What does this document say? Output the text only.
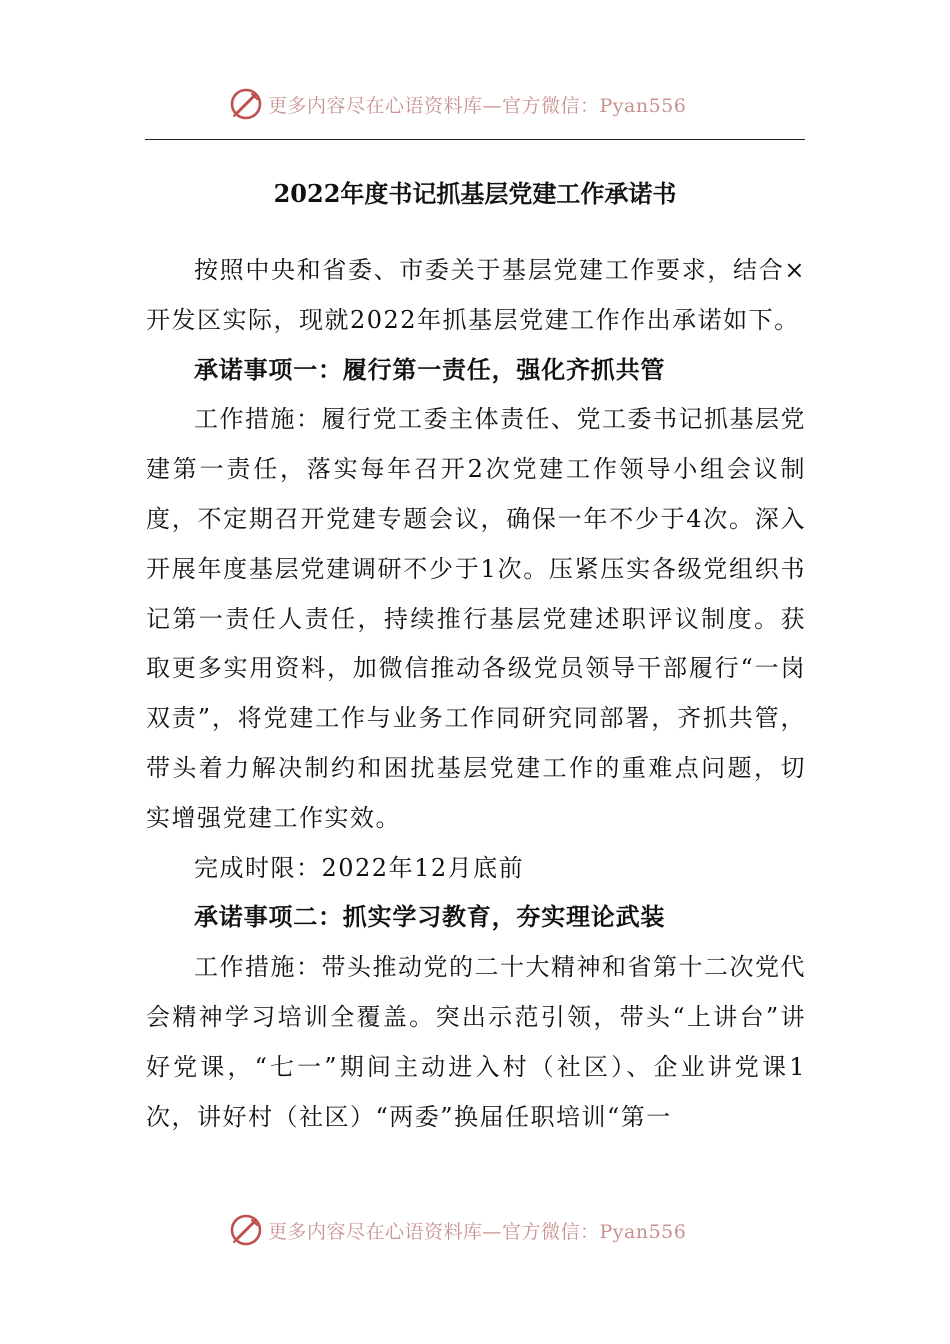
更多内容尽在心语资料库—官方微信：Pyan556
2022年度书记抓基层党建工作承诺书

按照中央和省委、市委关于基层党建工作要求，结合×开发区实际，现就2022年抓基层党建工作作出承诺如下。

承诺事项一：履行第一责任，强化齐抓共管

工作措施：履行党工委主体责任、党工委书记抓基层党建第一责任，落实每年召开2次党建工作领导小组会议制度，不定期召开党建专题会议，确保一年不少于4次。深入开展年度基层党建调研不少于1次。压紧压实各级党组织书记第一责任人责任，持续推行基层党建述职评议制度。获取更多实用资料，加微信推动各级党员领导干部履行“一岗双责”，将党建工作与业务工作同研究同部署，齐抓共管，带头着力解决制约和困扰基层党建工作的重难点问题，切实增强党建工作实效。

完成时限：2022年12月底前

承诺事项二：抓实学习教育，夯实理论武装

工作措施：带头推动党的二十大精神和省第十二次党代会精神学习培训全覆盖。突出示范引领，带头“上讲台”讲好党课，“七一”期间主动进入村（社区）、企业讲党课1次，讲好村（社区）“两委”换届任职培训“第一

更多内容尽在心语资料库—官方微信：Pyan556
